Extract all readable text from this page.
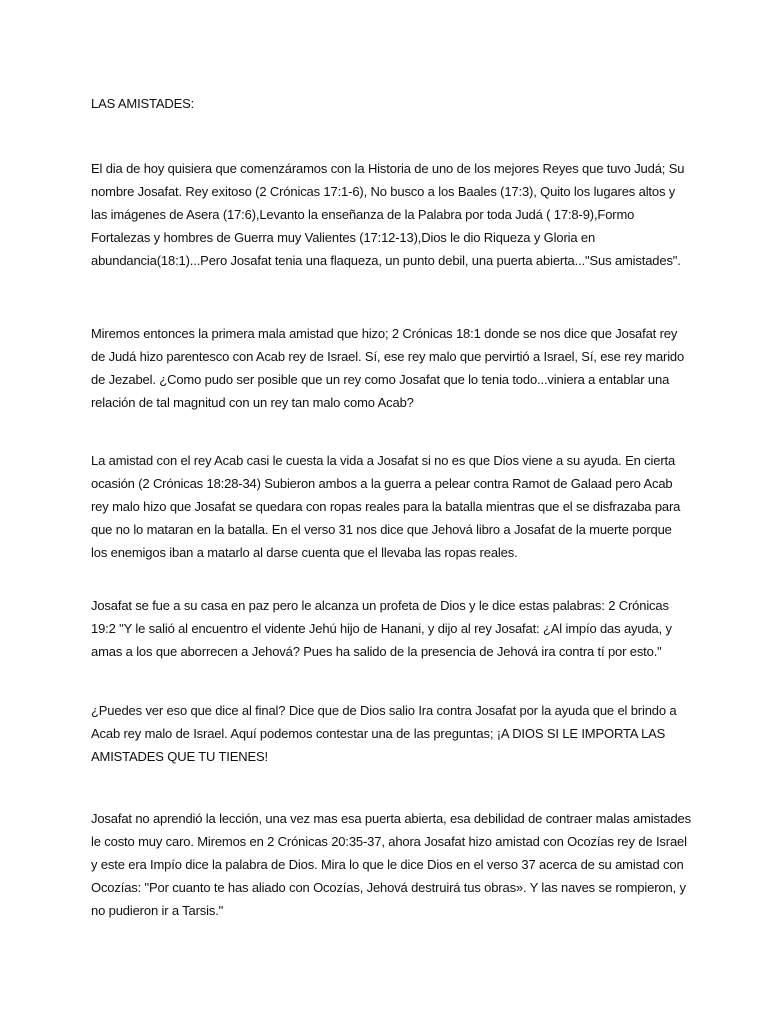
LAS AMISTADES:

El dia de hoy quisiera que comenzáramos con la Historia de uno de los mejores Reyes que tuvo Judá; Su nombre Josafat. Rey exitoso (2 Crónicas 17:1-6), No busco a los Baales (17:3), Quito los lugares altos y las imágenes de Asera (17:6),Levanto la enseñanza de la Palabra por toda Judá ( 17:8-9),Formo Fortalezas y hombres de Guerra muy Valientes (17:12-13),Dios le dio Riqueza y Gloria en abundancia(18:1)...Pero Josafat tenia una flaqueza, un punto debil, una puerta abierta..."Sus amistades".

Miremos entonces la primera mala amistad que hizo; 2 Crónicas 18:1 donde se nos dice que Josafat rey de Judá hizo parentesco con Acab rey de Israel. Sí, ese rey malo que pervirtió a Israel, Sí, ese rey marido de Jezabel. ¿Como pudo ser posible que un rey como Josafat que lo tenia todo...viniera a entablar una relación de tal magnitud con un rey tan malo como Acab?

La amistad con el rey Acab casi le cuesta la vida a Josafat si no es que Dios viene a su ayuda. En cierta ocasión (2 Crónicas 18:28-34) Subieron ambos a la guerra a pelear contra Ramot de Galaad pero Acab rey malo hizo que Josafat se quedara con ropas reales para la batalla mientras que el se disfrazaba para que no lo mataran en la batalla. En el verso 31 nos dice que Jehová libro a Josafat de la muerte porque los enemigos iban a matarlo al darse cuenta que el llevaba las ropas reales.

Josafat se fue a su casa en paz pero le alcanza un profeta de Dios y le dice estas palabras: 2 Crónicas 19:2 "Y le salió al encuentro el vidente Jehú hijo de Hanani, y dijo al rey Josafat: ¿Al impío das ayuda, y amas a los que aborrecen a Jehová? Pues ha salido de la presencia de Jehová ira contra tí por esto."

¿Puedes ver eso que dice al final? Dice que de Dios salio Ira contra Josafat por la ayuda que el brindo a Acab rey malo de Israel. Aquí podemos contestar una de las preguntas; ¡A DIOS SI LE IMPORTA LAS AMISTADES QUE TU TIENES!

Josafat no aprendió la lección, una vez mas esa puerta abierta, esa debilidad de contraer malas amistades le costo muy caro. Miremos en 2 Crónicas 20:35-37, ahora Josafat hizo amistad con Ocozías rey de Israel y este era Impío dice la palabra de Dios. Mira lo que le dice Dios en el verso 37 acerca de su amistad con Ocozías: "Por cuanto te has aliado con Ocozías, Jehová destruirá tus obras». Y las naves se rompieron, y no pudieron ir a Tarsis."
